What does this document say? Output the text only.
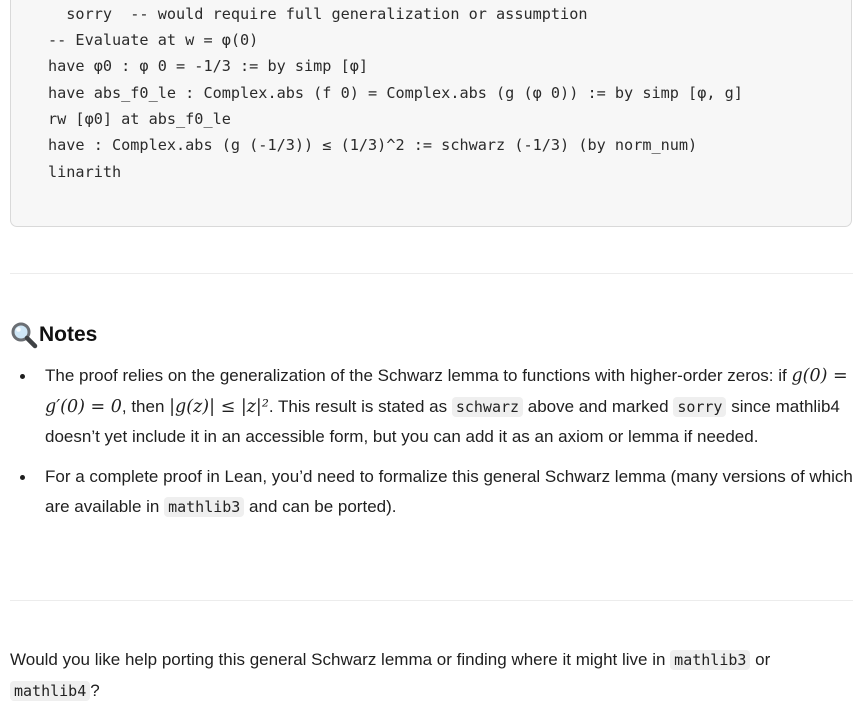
sorry  -- would require full generalization or assumption
-- Evaluate at w = φ(0)
have φ0 : φ 0 = -1/3 := by simp [φ]
have abs_f0_le : Complex.abs (f 0) = Complex.abs (g (φ 0)) := by simp [φ, g]
rw [φ0] at abs_f0_le
have : Complex.abs (g (-1/3)) ≤ (1/3)^2 := schwarz (-1/3) (by norm_num)
linarith
Notes
The proof relies on the generalization of the Schwarz lemma to functions with higher-order zeros: if g(0) = g′(0) = 0, then |g(z)| ≤ |z|². This result is stated as schwarz above and marked sorry since mathlib4 doesn’t yet include it in an accessible form, but you can add it as an axiom or lemma if needed.
For a complete proof in Lean, you’d need to formalize this general Schwarz lemma (many versions of which are available in mathlib3 and can be ported).
Would you like help porting this general Schwarz lemma or finding where it might live in mathlib3 or mathlib4 ?
